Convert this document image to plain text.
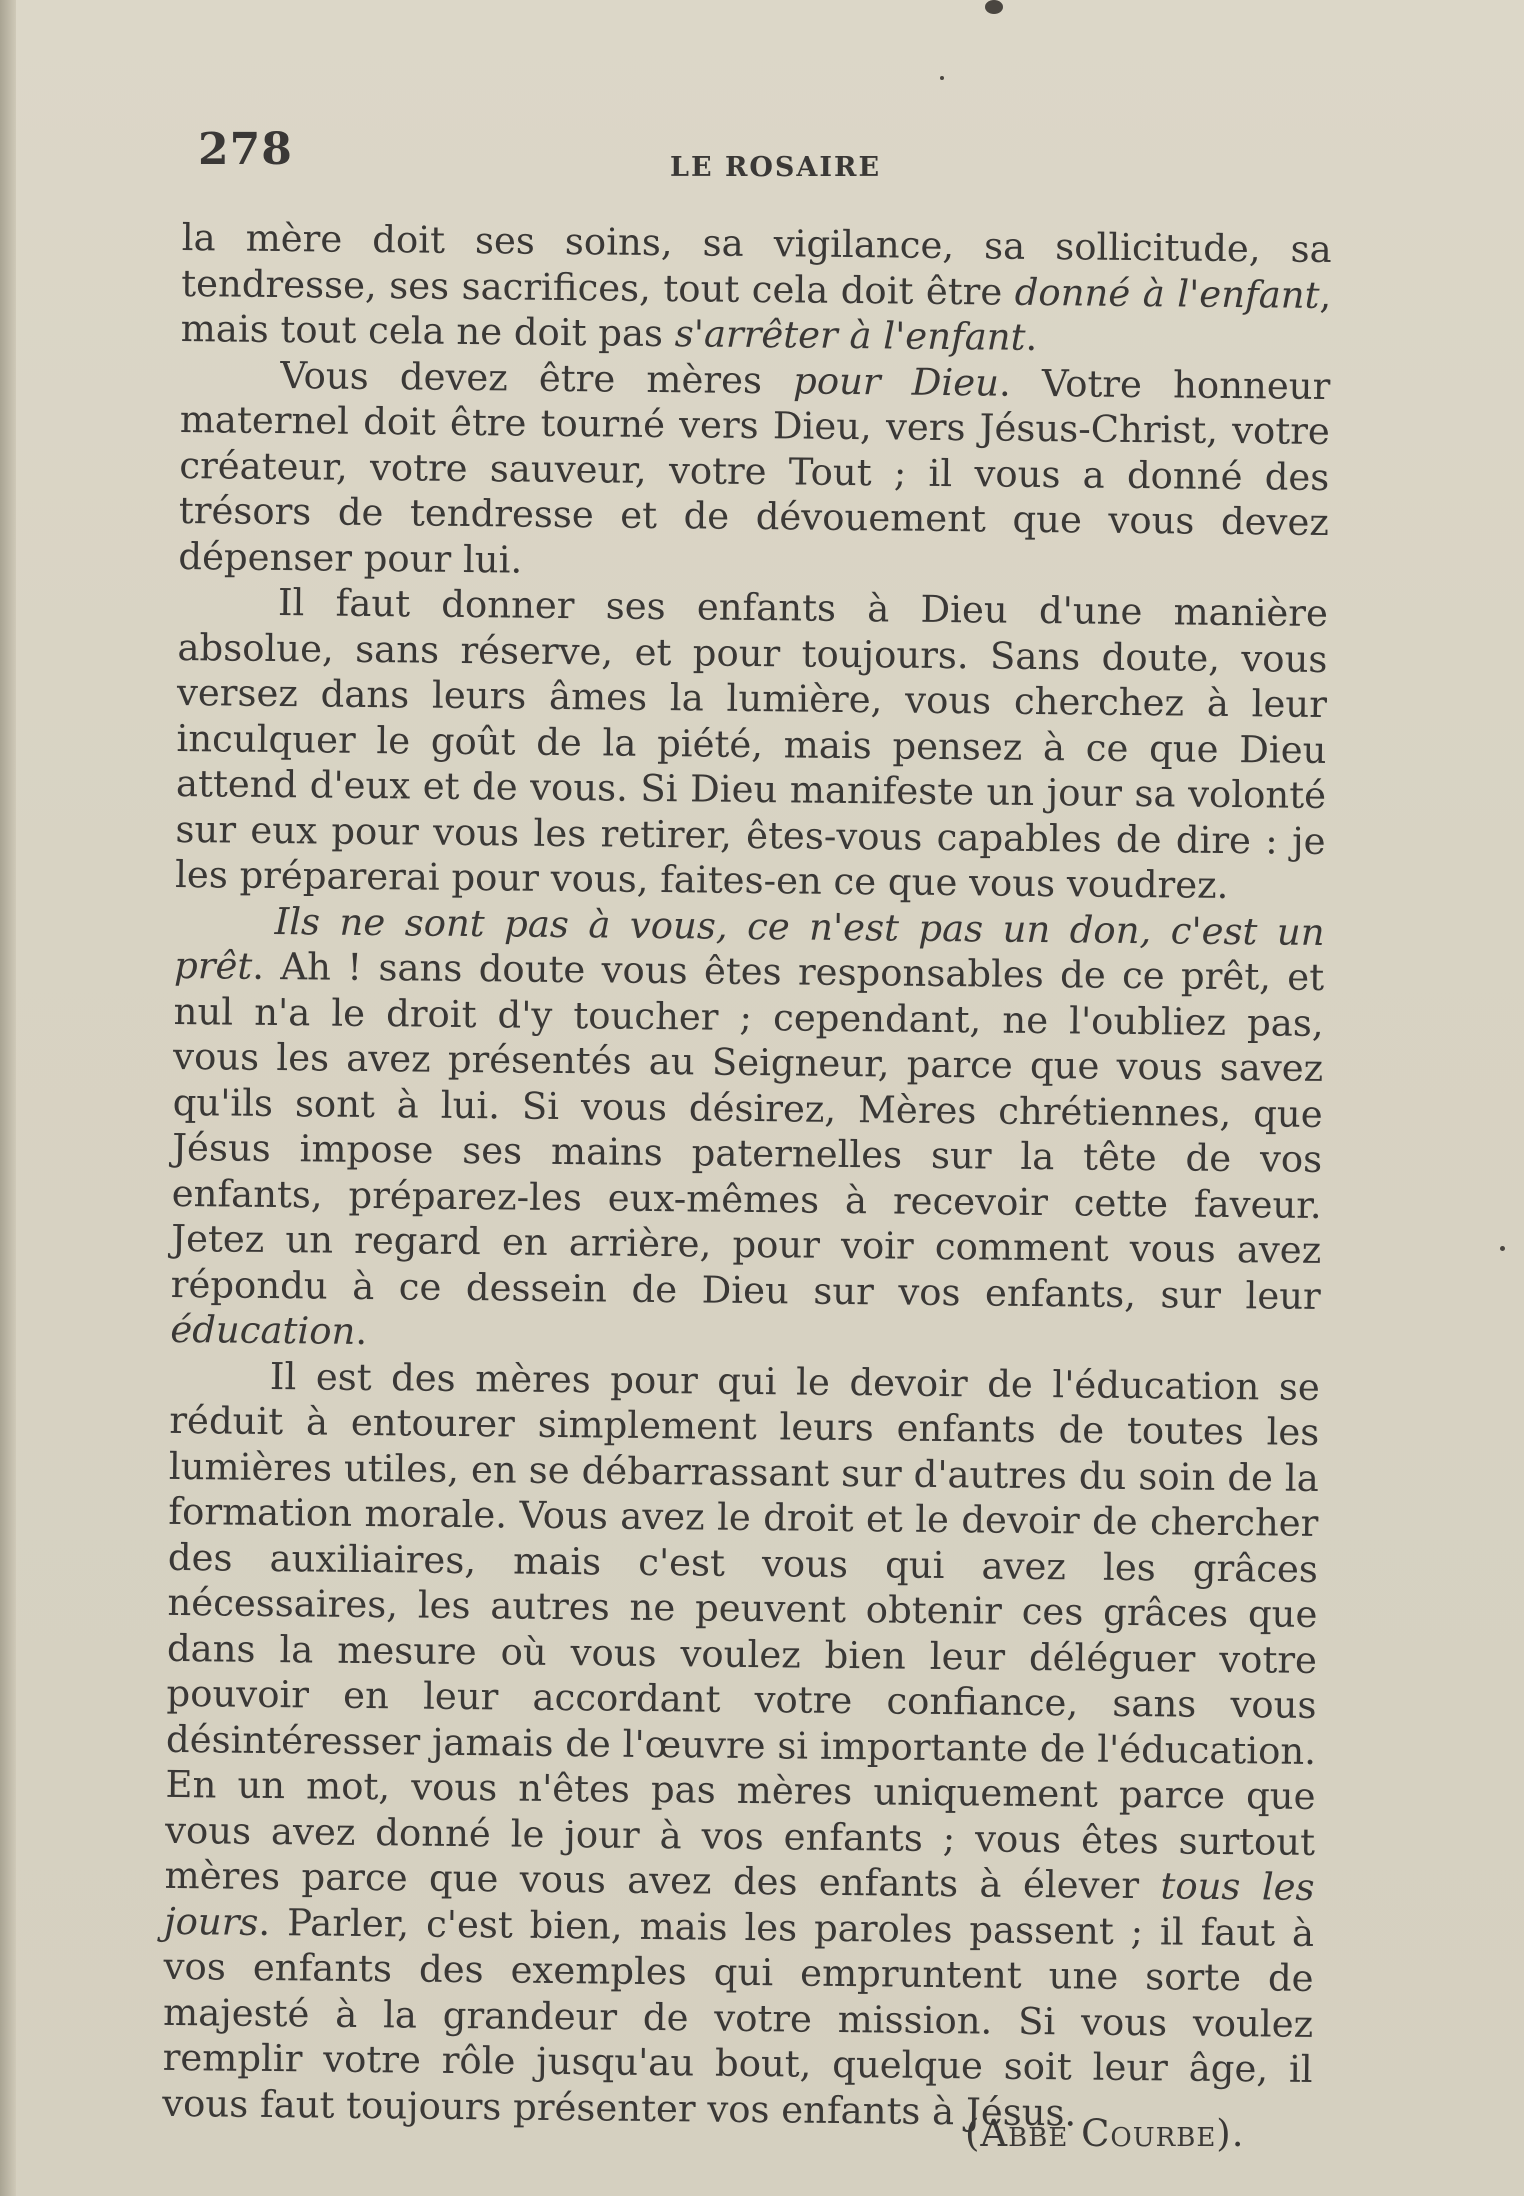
278	LE ROSAIRE

la mère doit ses soins, sa vigilance, sa sollicitude, sa tendresse, ses sacrifices, tout cela doit être donné à l'enfant, mais tout cela ne doit pas s'arrêter à l'enfant.

Vous devez être mères pour Dieu. Votre honneur maternel doit être tourné vers Dieu, vers Jésus-Christ, votre créateur, votre sauveur, votre Tout ; il vous a donné des trésors de tendresse et de dévouement que vous devez dépenser pour lui.

Il faut donner ses enfants à Dieu d'une manière absolue, sans réserve, et pour toujours. Sans doute, vous versez dans leurs âmes la lumière, vous cherchez à leur inculquer le goût de la piété, mais pensez à ce que Dieu attend d'eux et de vous. Si Dieu manifeste un jour sa volonté sur eux pour vous les retirer, êtes-vous capables de dire : je les préparerai pour vous, faites-en ce que vous voudrez.

Ils ne sont pas à vous, ce n'est pas un don, c'est un prêt. Ah ! sans doute vous êtes responsables de ce prêt, et nul n'a le droit d'y toucher ; cependant, ne l'oubliez pas, vous les avez présentés au Seigneur, parce que vous savez qu'ils sont à lui. Si vous désirez, Mères chrétiennes, que Jésus impose ses mains paternelles sur la tête de vos enfants, préparez-les eux-mêmes à recevoir cette faveur. Jetez un regard en arrière, pour voir comment vous avez répondu à ce dessein de Dieu sur vos enfants, sur leur éducation.

Il est des mères pour qui le devoir de l'éducation se réduit à entourer simplement leurs enfants de toutes les lumières utiles, en se débarrassant sur d'autres du soin de la formation morale. Vous avez le droit et le devoir de chercher des auxiliaires, mais c'est vous qui avez les grâces nécessaires, les autres ne peuvent obtenir ces grâces que dans la mesure où vous voulez bien leur déléguer votre pouvoir en leur accordant votre confiance, sans vous désintéresser jamais de l'œuvre si importante de l'éducation. En un mot, vous n'êtes pas mères uniquement parce que vous avez donné le jour à vos enfants ; vous êtes surtout mères parce que vous avez des enfants à élever tous les jours. Parler, c'est bien, mais les paroles passent ; il faut à vos enfants des exemples qui empruntent une sorte de majesté à la grandeur de votre mission. Si vous voulez remplir votre rôle jusqu'au bout, quelque soit leur âge, il vous faut toujours présenter vos enfants à Jésus.

(Abbé Courbe).
